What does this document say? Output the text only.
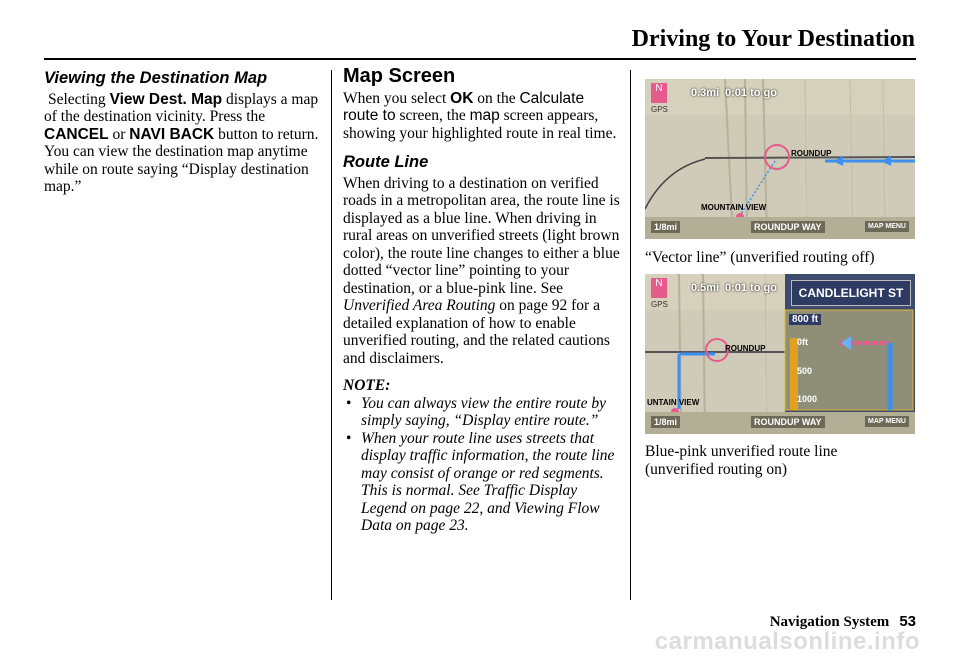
Driving to Your Destination
Viewing the Destination Map

Selecting View Dest. Map displays a map of the destination vicinity. Press the CANCEL or NAVI BACK button to return. You can view the destination map anytime while on route saying “Display destination map.”

Map Screen

When you select OK on the Calculate route to screen, the map screen appears, showing your highlighted route in real time.

Route Line

When driving to a destination on verified roads in a metropolitan area, the route line is displayed as a blue line. When driving in rural areas on unverified streets (light brown color), the route line changes to either a blue dotted “vector line” pointing to your destination, or a blue-pink line. See Unverified Area Routing on page 92 for a detailed explanation of how to enable unverified routing, and the related cautions and disclaimers.

NOTE:

• You can always view the entire route by simply saying, “Display entire route.”
• When your route line uses streets that display traffic information, the route line may consist of orange or red segments. This is normal. See Traffic Display Legend on page 22, and Viewing Flow Data on page 23.
N
GPS
0.3mi 0:01 to go
ROUNDUP
MOUNTAIN VIEW
1/8mi	ROUNDUP WAY	MAP MENU
“Vector line” (unverified routing off)
N
GPS
0.5mi 0:01 to go	CANDLELIGHT ST
800 ft
0ft
500
1000
ROUNDUP
UNTAIN VIEW
1/8mi	ROUNDUP WAY	MAP MENU
Blue-pink unverified route line (unverified routing on)
Navigation System 53
carmanualsonline.info
